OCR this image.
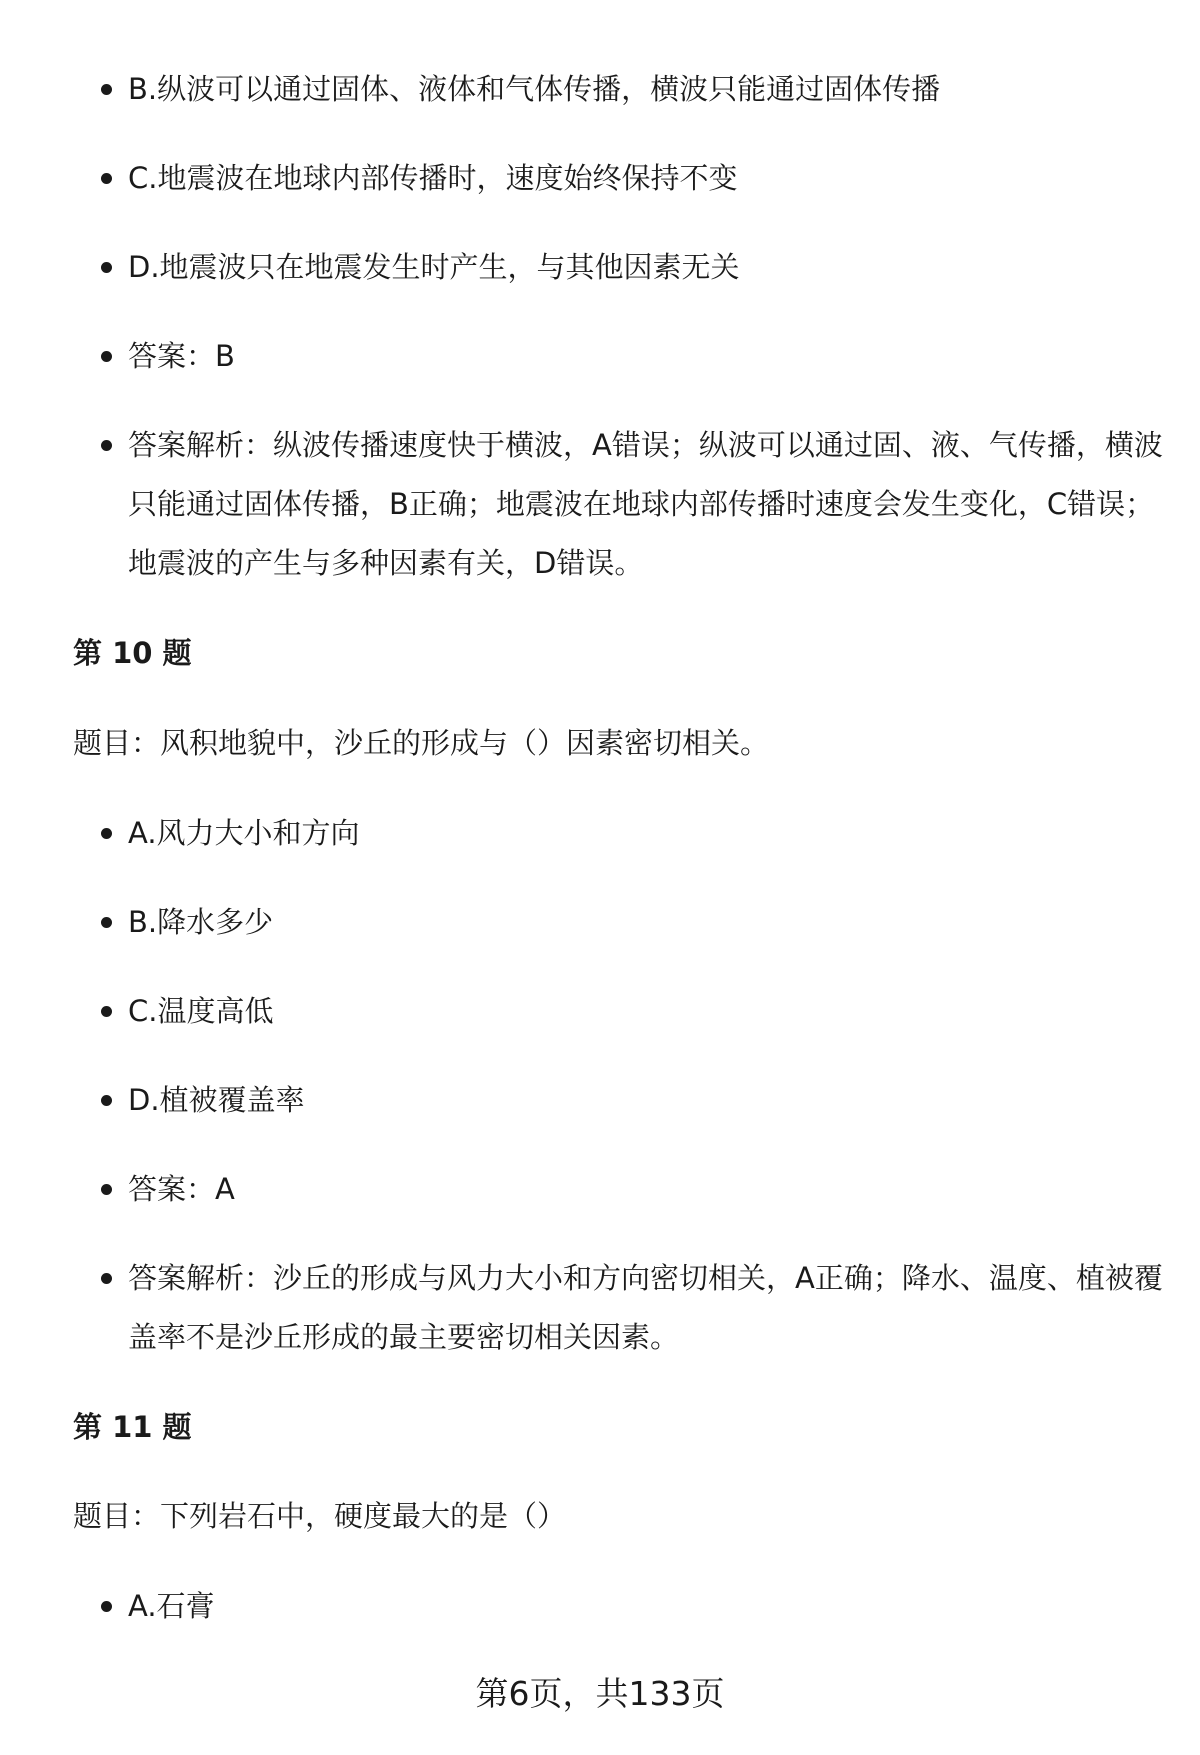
B.纵波可以通过固体、液体和气体传播，横波只能通过固体传播
C.地震波在地球内部传播时，速度始终保持不变
D.地震波只在地震发生时产生，与其他因素无关
答案：B
答案解析：纵波传播速度快于横波，A错误；纵波可以通过固、液、气传播，横波只能通过固体传播，B正确；地震波在地球内部传播时速度会发生变化，C错误；地震波的产生与多种因素有关，D错误。
第 10 题
题目：风积地貌中，沙丘的形成与（）因素密切相关。
A.风力大小和方向
B.降水多少
C.温度高低
D.植被覆盖率
答案：A
答案解析：沙丘的形成与风力大小和方向密切相关，A正确；降水、温度、植被覆盖率不是沙丘形成的最主要密切相关因素。
第 11 题
题目：下列岩石中，硬度最大的是（）
A.石膏
第6页，共133页
